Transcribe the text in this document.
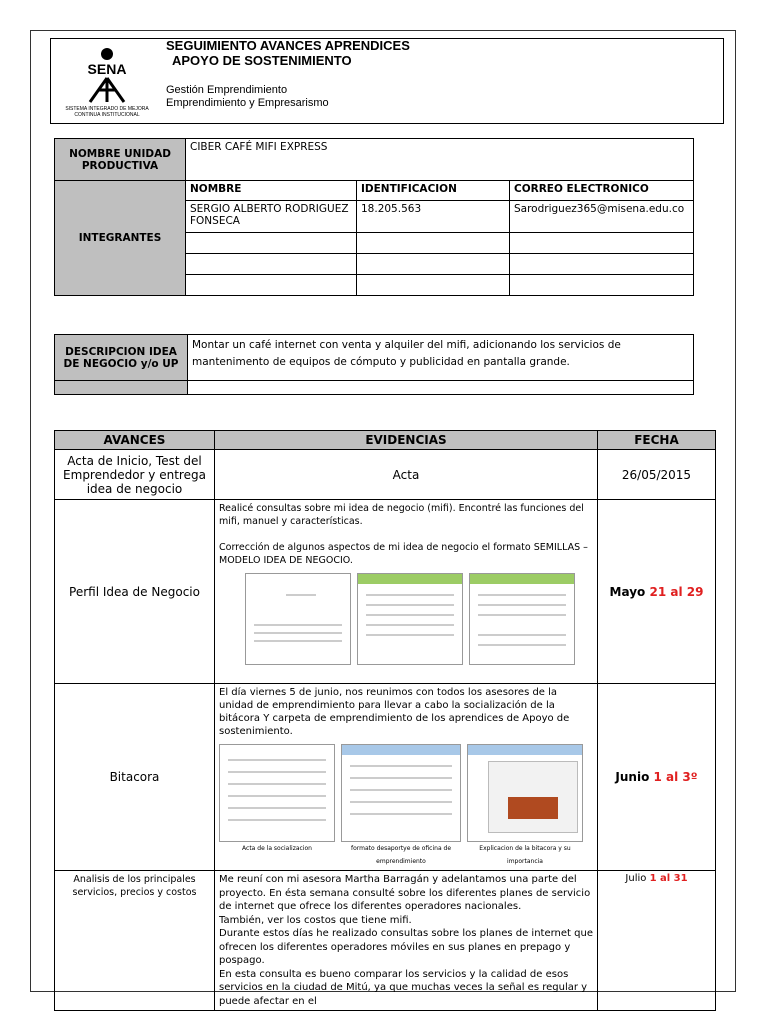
SENA
SISTEMA INTEGRADO DE MEJORA CONTINUA INSTITUCIONAL
SEGUIMIENTO AVANCES APRENDICES
APOYO DE SOSTENIMIENTO
Gestión Emprendimiento
Emprendimiento y Empresarismo
NOMBRE UNIDAD PRODUCTIVA	CIBER CAFÉ MIFI EXPRESS		
INTEGRANTES	NOMBRE	IDENTIFICACION	CORREO ELECTRONICO
	SERGIO ALBERTO RODRIGUEZ FONSECA	18.205.563	Sarodriguez365@misena.edu.co

DESCRIPCION IDEA DE NEGOCIO y/o UP	Montar un café internet con venta y alquiler del mifi, adicionando los servicios de mantenimento de equipos de cómputo y publicidad en pantalla grande.

AVANCES	EVIDENCIAS	FECHA
Acta de Inicio, Test del Emprendedor y entrega idea de negocio	Acta	26/05/2015
Perfil Idea de Negocio	Realicé consultas sobre mi idea de negocio (mifi). Encontré las funciones del mifi, manuel y características.
Corrección de algunos aspectos de mi idea de negocio el formato SEMILLAS – MODELO IDEA DE NEGOCIO.	Mayo 21 al 29
Bitacora	El día viernes 5 de junio, nos reunimos con todos los asesores de la unidad de emprendimiento para llevar a cabo la socialización de la bitácora Y carpeta de emprendimiento de los aprendices de Apoyo de sostenimiento.
Acta de la socializacion formato desaportye de oficina de emprendimiento
Explicacion de la bitacora y su importancia	Junio 1 al 3º
Analisis de los principales servicios, precios y costos	Me reuní con mi asesora Martha Barragán y adelantamos una parte del proyecto. En ésta semana consulté sobre los diferentes planes de servicio de internet que ofrece los diferentes operadores nacionales.
También, ver los costos que tiene mifi.
Durante estos días he realizado consultas sobre los planes de internet que ofrecen los diferentes operadores móviles en sus planes en prepago y pospago.
En esta consulta es bueno comparar los servicios y la calidad de esos servicios en la ciudad de Mitú, ya que muchas veces la señal es regular y puede afectar en el	Julio 1 al 31
